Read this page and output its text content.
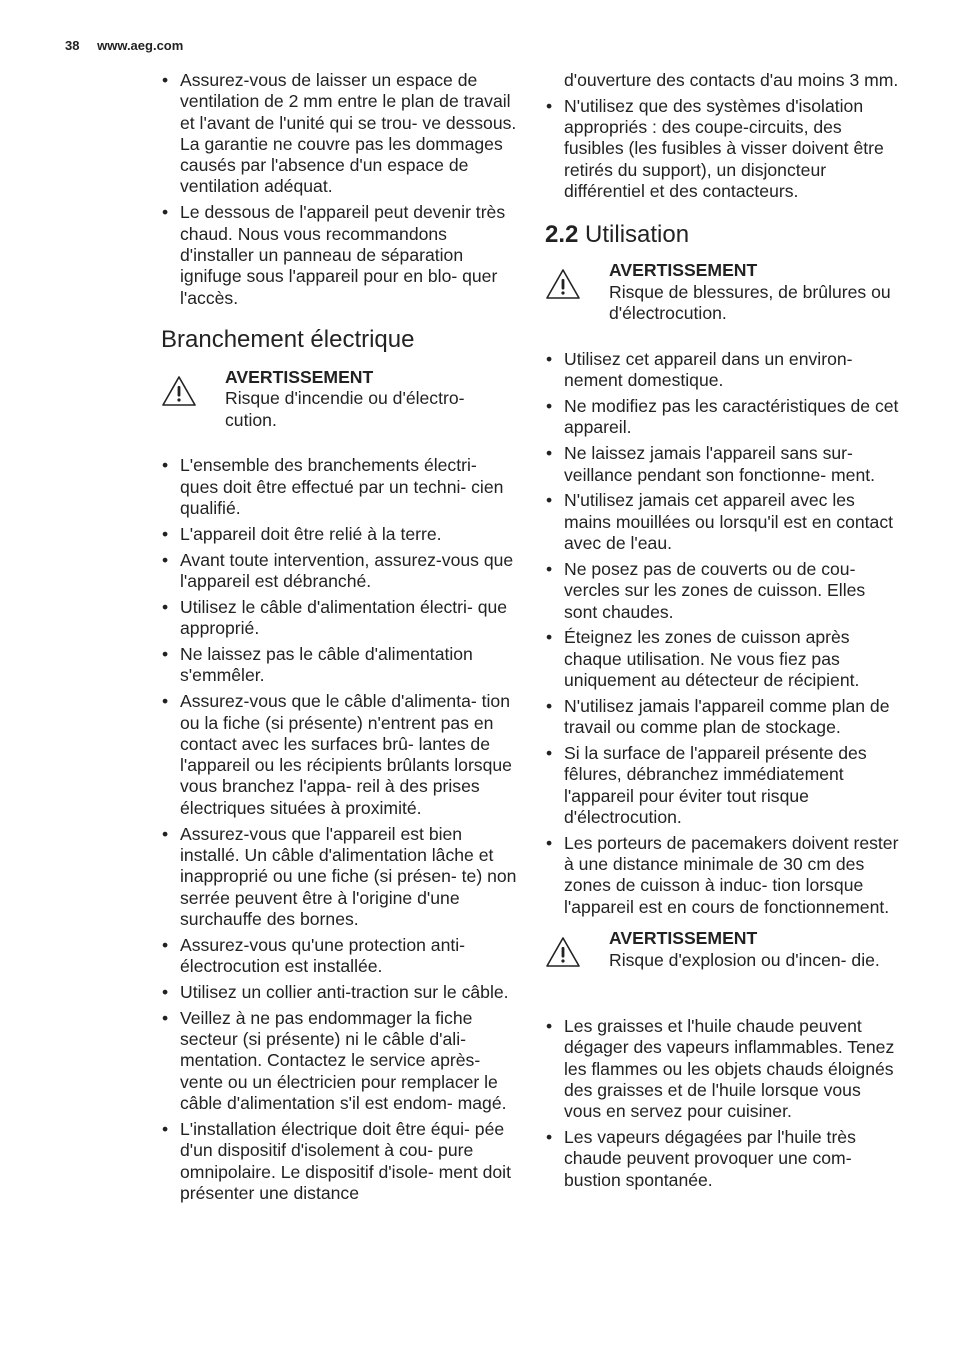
38 www.aeg.com
• Assurez-vous de laisser un espace de ventilation de 2 mm entre le plan de travail et l'avant de l'unité qui se trou- ve dessous. La garantie ne couvre pas les dommages causés par l'absence d'un espace de ventilation adéquat.
• Le dessous de l'appareil peut devenir très chaud. Nous vous recommandons d'installer un panneau de séparation ignifuge sous l'appareil pour en blo- quer l'accès.
Branchement électrique
AVERTISSEMENT
Risque d'incendie ou d'électro- cution.
• L'ensemble des branchements électri- ques doit être effectué par un techni- cien qualifié.
• L'appareil doit être relié à la terre.
• Avant toute intervention, assurez-vous que l'appareil est débranché.
• Utilisez le câble d'alimentation électri- que approprié.
• Ne laissez pas le câble d'alimentation s'emmêler.
• Assurez-vous que le câble d'alimenta- tion ou la fiche (si présente) n'entrent pas en contact avec les surfaces brû- lantes de l'appareil ou les récipients brûlants lorsque vous branchez l'appa- reil à des prises électriques situées à proximité.
• Assurez-vous que l'appareil est bien installé. Un câble d'alimentation lâche et inapproprié ou une fiche (si présen- te) non serrée peuvent être à l'origine d'une surchauffe des bornes.
• Assurez-vous qu'une protection anti- électrocution est installée.
• Utilisez un collier anti-traction sur le câble.
• Veillez à ne pas endommager la fiche secteur (si présente) ni le câble d'ali- mentation. Contactez le service après- vente ou un électricien pour remplacer le câble d'alimentation s'il est endom- magé.
• L'installation électrique doit être équi- pée d'un dispositif d'isolement à cou- pure omnipolaire. Le dispositif d'isole- ment doit présenter une distance
d'ouverture des contacts d'au moins 3 mm.
• N'utilisez que des systèmes d'isolation appropriés : des coupe-circuits, des fusibles (les fusibles à visser doivent être retirés du support), un disjoncteur différentiel et des contacteurs.
2.2 Utilisation
AVERTISSEMENT
Risque de blessures, de brûlures ou d'électrocution.
• Utilisez cet appareil dans un environ- nement domestique.
• Ne modifiez pas les caractéristiques de cet appareil.
• Ne laissez jamais l'appareil sans sur- veillance pendant son fonctionne- ment.
• N'utilisez jamais cet appareil avec les mains mouillées ou lorsqu'il est en contact avec de l'eau.
• Ne posez pas de couverts ou de cou- vercles sur les zones de cuisson. Elles sont chaudes.
• Éteignez les zones de cuisson après chaque utilisation. Ne vous fiez pas uniquement au détecteur de récipient.
• N'utilisez jamais l'appareil comme plan de travail ou comme plan de stockage.
• Si la surface de l'appareil présente des fêlures, débranchez immédiatement l'appareil pour éviter tout risque d'électrocution.
• Les porteurs de pacemakers doivent rester à une distance minimale de 30 cm des zones de cuisson à induc- tion lorsque l'appareil est en cours de fonctionnement.
AVERTISSEMENT
Risque d'explosion ou d'incen- die.
• Les graisses et l'huile chaude peuvent dégager des vapeurs inflammables. Tenez les flammes ou les objets chauds éloignés des graisses et de l'huile lorsque vous vous en servez pour cuisiner.
• Les vapeurs dégagées par l'huile très chaude peuvent provoquer une com- bustion spontanée.
